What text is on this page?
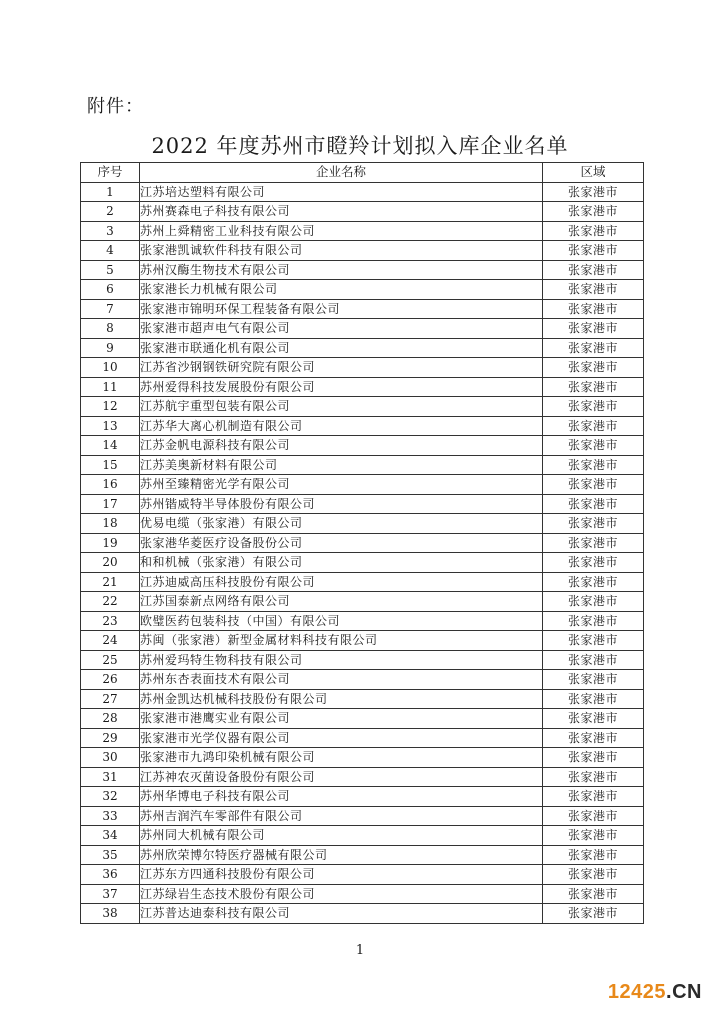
附件：
2022 年度苏州市瞪羚计划拟入库企业名单
序号	企业名称	区域
1	江苏培达塑料有限公司	张家港市
2	苏州赛森电子科技有限公司	张家港市
3	苏州上舜精密工业科技有限公司	张家港市
4	张家港凯诚软件科技有限公司	张家港市
5	苏州汉酶生物技术有限公司	张家港市
6	张家港长力机械有限公司	张家港市
7	张家港市锦明环保工程装备有限公司	张家港市
8	张家港市超声电气有限公司	张家港市
9	张家港市联通化机有限公司	张家港市
10	江苏省沙钢钢铁研究院有限公司	张家港市
11	苏州爱得科技发展股份有限公司	张家港市
12	江苏航宇重型包装有限公司	张家港市
13	江苏华大离心机制造有限公司	张家港市
14	江苏金帆电源科技有限公司	张家港市
15	江苏美奥新材料有限公司	张家港市
16	苏州至臻精密光学有限公司	张家港市
17	苏州锴威特半导体股份有限公司	张家港市
18	优易电缆（张家港）有限公司	张家港市
19	张家港华菱医疗设备股份公司	张家港市
20	和和机械（张家港）有限公司	张家港市
21	江苏迪威高压科技股份有限公司	张家港市
22	江苏国泰新点网络有限公司	张家港市
23	欧璧医药包装科技（中国）有限公司	张家港市
24	苏闽（张家港）新型金属材料科技有限公司	张家港市
25	苏州爱玛特生物科技有限公司	张家港市
26	苏州东杏表面技术有限公司	张家港市
27	苏州金凯达机械科技股份有限公司	张家港市
28	张家港市港鹰实业有限公司	张家港市
29	张家港市光学仪器有限公司	张家港市
30	张家港市九鸿印染机械有限公司	张家港市
31	江苏神农灭菌设备股份有限公司	张家港市
32	苏州华博电子科技有限公司	张家港市
33	苏州吉润汽车零部件有限公司	张家港市
34	苏州同大机械有限公司	张家港市
35	苏州欣荣博尔特医疗器械有限公司	张家港市
36	江苏东方四通科技股份有限公司	张家港市
37	江苏绿岩生态技术股份有限公司	张家港市
38	江苏普达迪泰科技有限公司	张家港市
1
12425.CN
